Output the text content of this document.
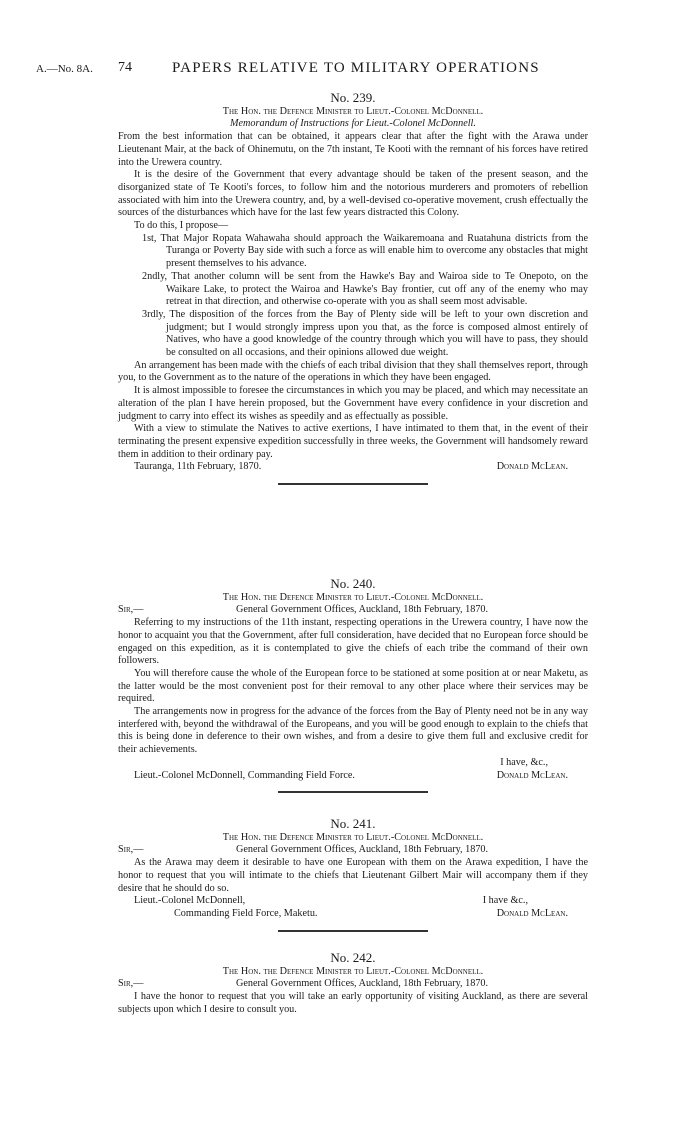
A.—No. 8A. 74	PAPERS RELATIVE TO MILITARY OPERATIONS
No. 239.
The Hon. the Defence Minister to Lieut.-Colonel McDonnell.
Memorandum of Instructions for Lieut.-Colonel McDonnell.

From the best information that can be obtained, it appears clear that after the fight with the Arawa under Lieutenant Mair, at the back of Ohinemutu, on the 7th instant, Te Kooti with the remnant of his forces have retired into the Urewera country.

It is the desire of the Government that every advantage should be taken of the present season, and the disorganized state of Te Kooti's forces, to follow him and the notorious murderers and promoters of rebellion associated with him into the Urewera country, and, by a well-devised co-operative movement, crush effectually the sources of the disturbances which have for the last few years distracted this Colony.

To do this, I propose—

1st, That Major Ropata Wahawaha should approach the Waikaremoana and Ruatahuna districts from the Turanga or Poverty Bay side with such a force as will enable him to overcome any obstacles that might present themselves to his advance.
2ndly, That another column will be sent from the Hawke's Bay and Wairoa side to Te Onepoto, on the Waikare Lake, to protect the Wairoa and Hawke's Bay frontier, cut off any of the enemy who may retreat in that direction, and otherwise co-operate with you as shall seem most advisable.
3rdly, The disposition of the forces from the Bay of Plenty side will be left to your own discretion and judgment; but I would strongly impress upon you that, as the force is composed almost entirely of Natives, who have a good knowledge of the country through which you will have to pass, they should be consulted on all occasions, and their opinions allowed due weight.

An arrangement has been made with the chiefs of each tribal division that they shall themselves report, through you, to the Government as to the nature of the operations in which they have been engaged.

It is almost impossible to foresee the circumstances in which you may be placed, and which may necessitate an alteration of the plan I have herein proposed, but the Government have every confidence in your discretion and judgment to carry into effect its wishes as speedily and as effectually as possible.

With a view to stimulate the Natives to active exertions, I have intimated to them that, in the event of their terminating the present expensive expedition successfully in three weeks, the Government will handsomely reward them in addition to their ordinary pay.

Tauranga, 11th February, 1870.	Donald McLean.
No. 240.
The Hon. the Defence Minister to Lieut.-Colonel McDonnell.
Sir,—	General Government Offices, Auckland, 18th February, 1870.

Referring to my instructions of the 11th instant, respecting operations in the Urewera country, I have now the honor to acquaint you that the Government, after full consideration, have decided that no European force should be engaged on this expedition, as it is contemplated to give the chiefs of each tribe the command of their own followers.

You will therefore cause the whole of the European force to be stationed at some position at or near Maketu, as the latter would be the most convenient post for their removal to any other place where their services may be required.

The arrangements now in progress for the advance of the forces from the Bay of Plenty need not be in any way interfered with, beyond the withdrawal of the Europeans, and you will be good enough to explain to the chiefs that this is being done in deference to their own wishes, and from a desire to give them full and exclusive credit for their achievements.

I have, &c.,
Lieut.-Colonel McDonnell, Commanding Field Force.	Donald McLean.
No. 241.
The Hon. the Defence Minister to Lieut.-Colonel McDonnell.
Sir,—	General Government Offices, Auckland, 18th February, 1870.

As the Arawa may deem it desirable to have one European with them on the Arawa expedition, I have the honor to request that you will intimate to the chiefs that Lieutenant Gilbert Mair will accompany them if they desire that he should do so.

Lieut.-Colonel McDonnell,	I have &c.,
Commanding Field Force, Maketu.	Donald McLean.
No. 242.
The Hon. the Defence Minister to Lieut.-Colonel McDonnell.
Sir,—	General Government Offices, Auckland, 18th February, 1870.

I have the honor to request that you will take an early opportunity of visiting Auckland, as there are several subjects upon which I desire to consult you.
